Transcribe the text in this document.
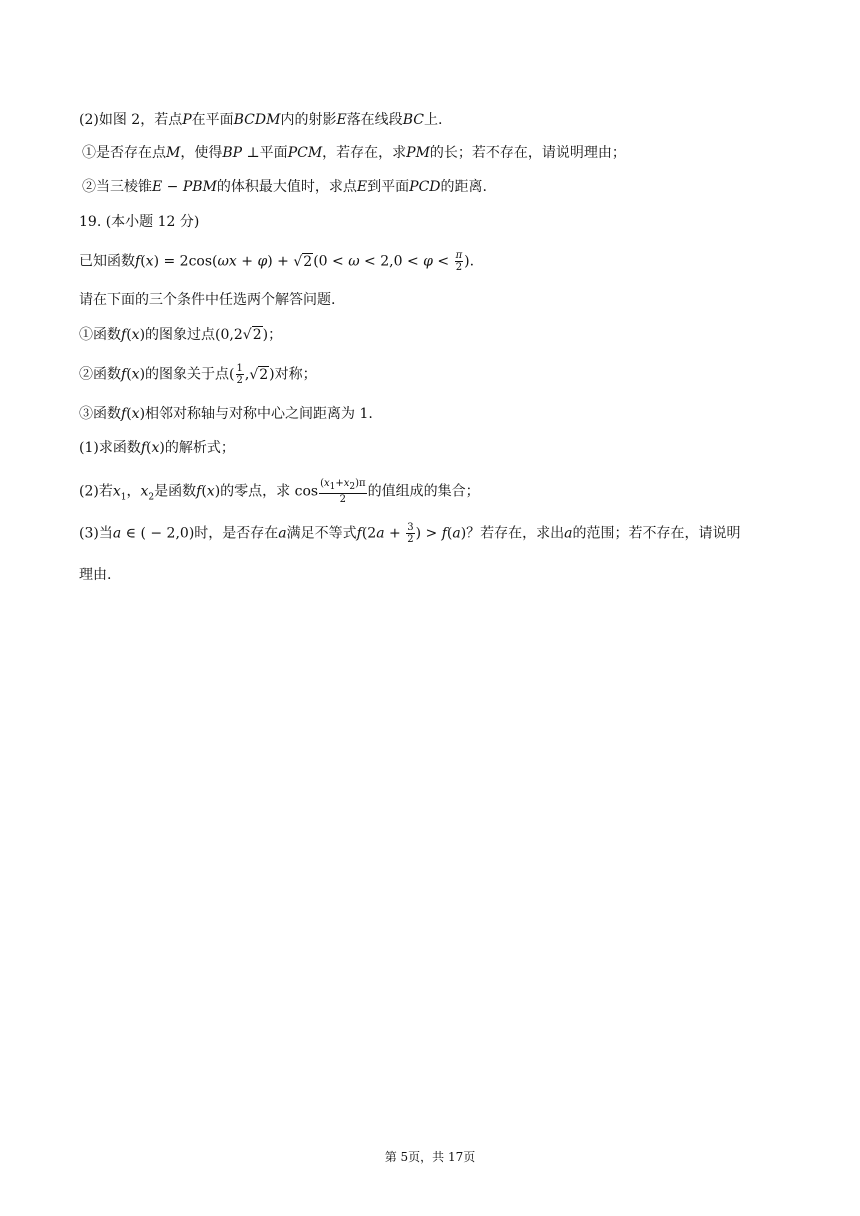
(2)如图 2，若点P在平面BCDM内的射影E落在线段BC上.
①是否存在点M，使得BP ⊥平面PCM，若存在，求PM的长；若不存在，请说明理由；
②当三棱锥E − PBM的体积最大值时，求点E到平面PCD的距离.
19. (本小题 12 分)
已知函数$f(x) = 2\cos(\omega x + \varphi) + √2(0 < \omega < 2,0 < \varphi < \frac{\pi}{2}$ ).
请在下面的三个条件中任选两个解答问题.
①函数f(x)的图象过点(0,2√2)；
②函数f(x)的图象关于点( $\frac{1}{2} ,√2$)对称；
③函数f(x)相邻对称轴与对称中心之间距离为 1.
(1)求函数f(x)的解析式；
(2)若$x_1$，$x_2$是函数f(x)的零点，求 $\cos \frac{(x_1+x_2)\pi}{2}$ 的值组成的集合；
(3)当a ∈ ( − 2,0)时，是否存在a满足不等式$f(2a + \frac{3}{2}$ ) > f(a)？若存在，求出a的范围；若不存在，请说明
理由.
第 5页，共 17页
